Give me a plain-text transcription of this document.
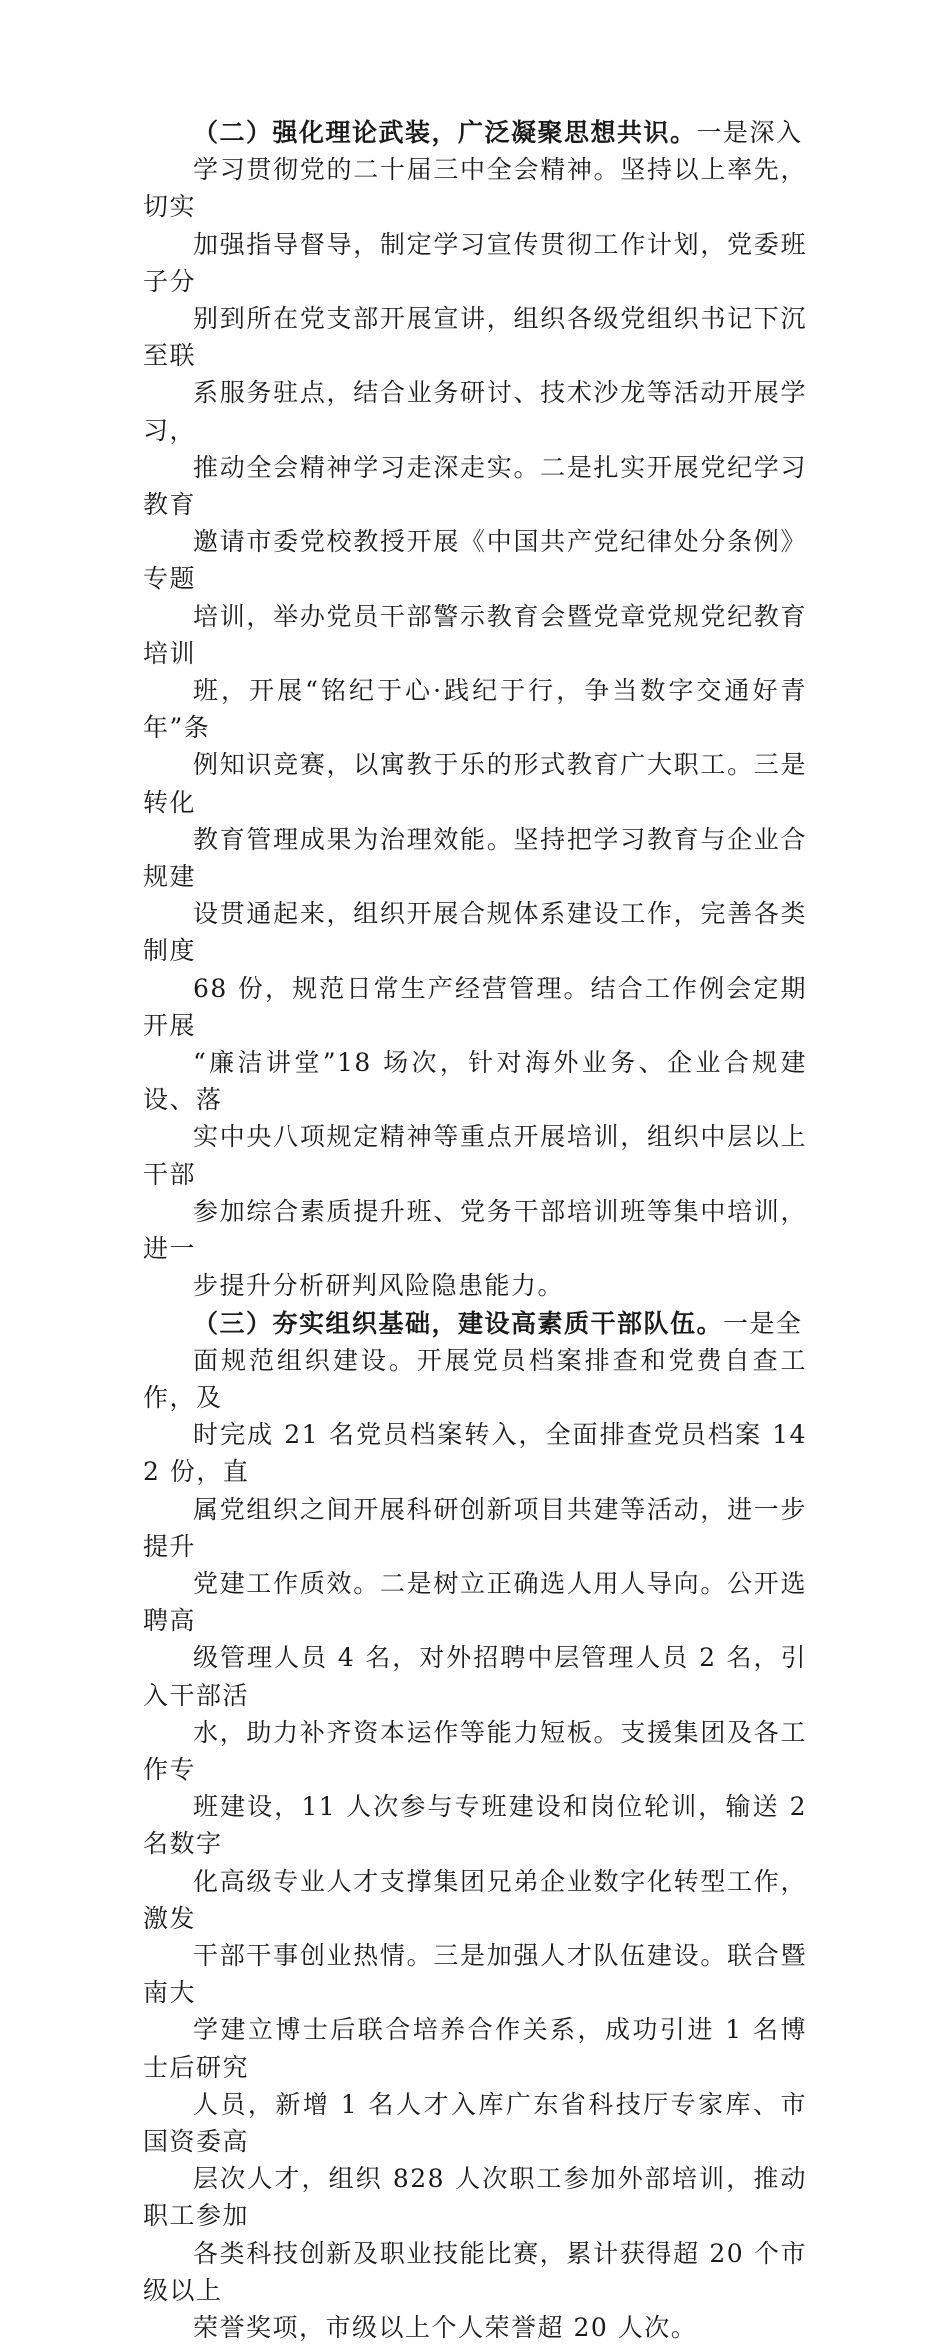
（二）强化理论武装，广泛凝聚思想共识。一是深入
学习贯彻党的二十届三中全会精神。坚持以上率先，切实
加强指导督导，制定学习宣传贯彻工作计划，党委班子分
别到所在党支部开展宣讲，组织各级党组织书记下沉至联
系服务驻点，结合业务研讨、技术沙龙等活动开展学习，
推动全会精神学习走深走实。二是扎实开展党纪学习教育
邀请市委党校教授开展《中国共产党纪律处分条例》专题
培训，举办党员干部警示教育会暨党章党规党纪教育培训
班，开展“铭纪于心·践纪于行，争当数字交通好青年”条
例知识竞赛，以寓教于乐的形式教育广大职工。三是转化
教育管理成果为治理效能。坚持把学习教育与企业合规建
设贯通起来，组织开展合规体系建设工作，完善各类制度
68 份，规范日常生产经营管理。结合工作例会定期开展
“廉洁讲堂”18 场次，针对海外业务、企业合规建设、落
实中央八项规定精神等重点开展培训，组织中层以上干部
参加综合素质提升班、党务干部培训班等集中培训，进一
步提升分析研判风险隐患能力。

（三）夯实组织基础，建设高素质干部队伍。一是全
面规范组织建设。开展党员档案排查和党费自查工作，及
时完成 21 名党员档案转入，全面排查党员档案 142 份，直
属党组织之间开展科研创新项目共建等活动，进一步提升
党建工作质效。二是树立正确选人用人导向。公开选聘高
级管理人员 4 名，对外招聘中层管理人员 2 名，引入干部活
水，助力补齐资本运作等能力短板。支援集团及各工作专
班建设，11 人次参与专班建设和岗位轮训，输送 2 名数字
化高级专业人才支撑集团兄弟企业数字化转型工作，激发
干部干事创业热情。三是加强人才队伍建设。联合暨南大
学建立博士后联合培养合作关系，成功引进 1 名博士后研究
人员，新增 1 名人才入库广东省科技厅专家库、市国资委高
层次人才，组织 828 人次职工参加外部培训，推动职工参加
各类科技创新及职业技能比赛，累计获得超 20 个市级以上
荣誉奖项，市级以上个人荣誉超 20 人次。
